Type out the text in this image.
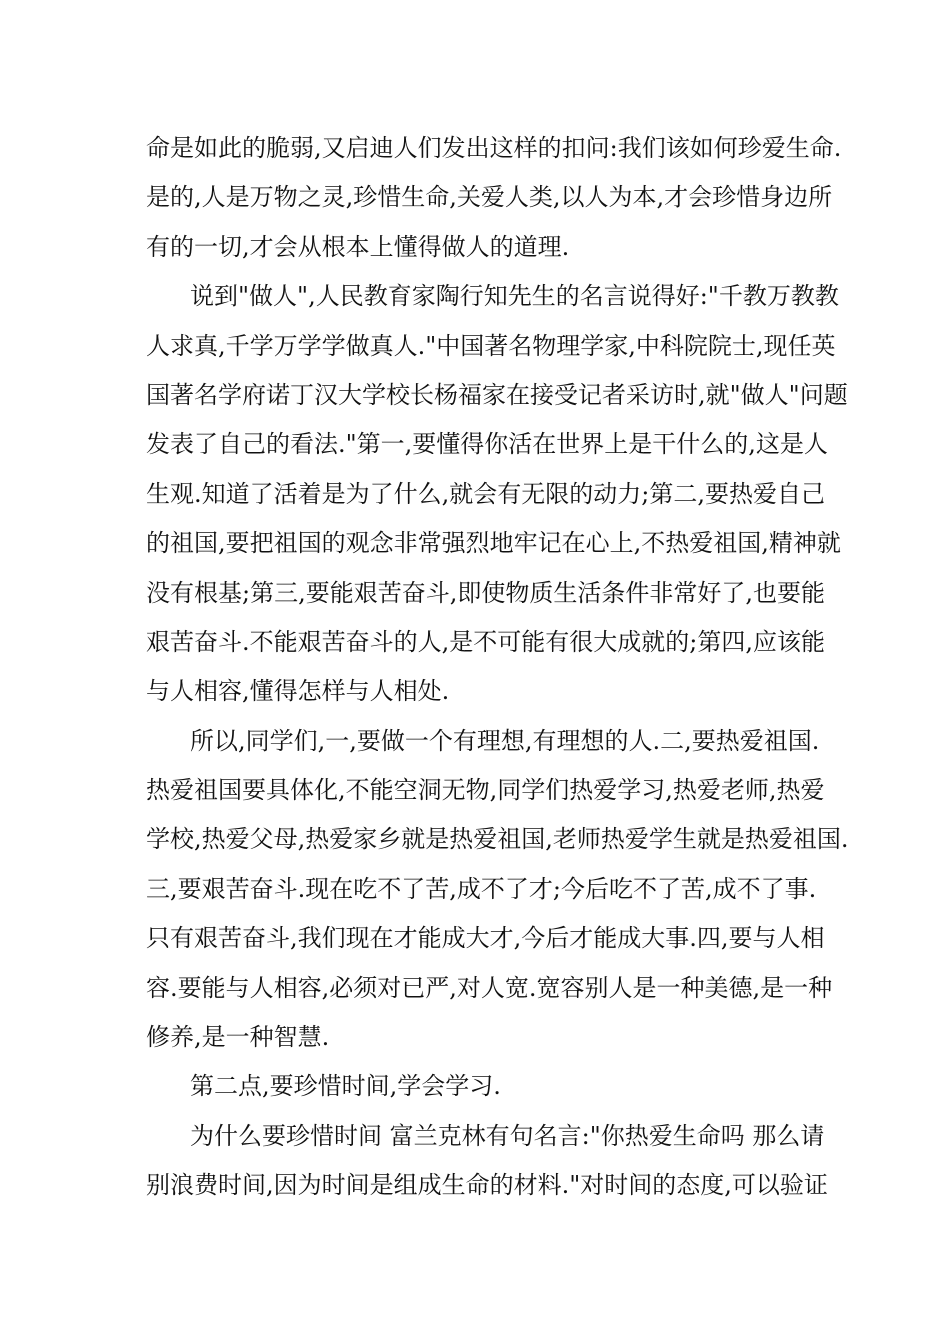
命是如此的脆弱,又启迪人们发出这样的扣问:我们该如何珍爱生命.
是的,人是万物之灵,珍惜生命,关爱人类,以人为本,才会珍惜身边所
有的一切,才会从根本上懂得做人的道理.
说到"做人",人民教育家陶行知先生的名言说得好:"千教万教教
人求真,千学万学学做真人."中国著名物理学家,中科院院士,现任英
国著名学府诺丁汉大学校长杨福家在接受记者采访时,就"做人"问题
发表了自己的看法."第一,要懂得你活在世界上是干什么的,这是人
生观.知道了活着是为了什么,就会有无限的动力;第二,要热爱自己
的祖国,要把祖国的观念非常强烈地牢记在心上,不热爱祖国,精神就
没有根基;第三,要能艰苦奋斗,即使物质生活条件非常好了,也要能
艰苦奋斗.不能艰苦奋斗的人,是不可能有很大成就的;第四,应该能
与人相容,懂得怎样与人相处.
所以,同学们,一,要做一个有理想,有理想的人.二,要热爱祖国.
热爱祖国要具体化,不能空洞无物,同学们热爱学习,热爱老师,热爱
学校,热爱父母,热爱家乡就是热爱祖国,老师热爱学生就是热爱祖国.
三,要艰苦奋斗.现在吃不了苦,成不了才;今后吃不了苦,成不了事.
只有艰苦奋斗,我们现在才能成大才,今后才能成大事.四,要与人相
容.要能与人相容,必须对已严,对人宽.宽容别人是一种美德,是一种
修养,是一种智慧.
第二点,要珍惜时间,学会学习.
为什么要珍惜时间 富兰克林有句名言:"你热爱生命吗 那么请
别浪费时间,因为时间是组成生命的材料."对时间的态度,可以验证
